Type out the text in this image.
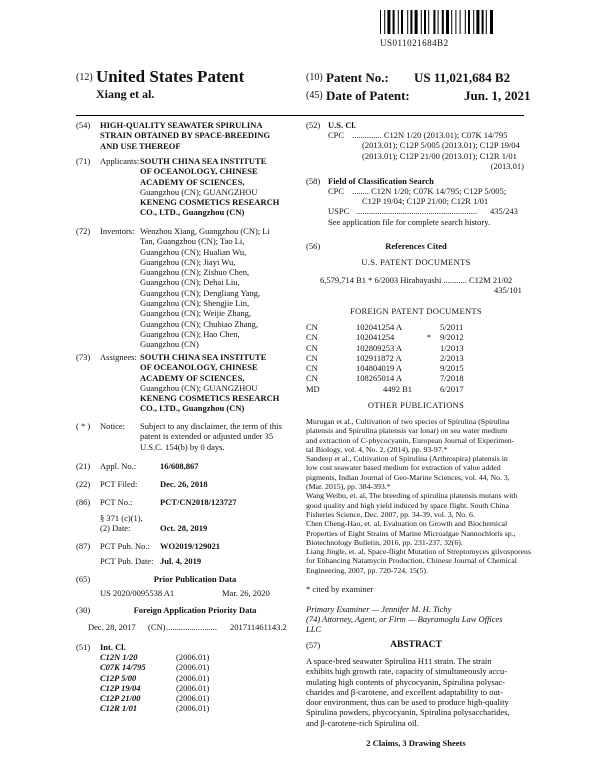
US011021684B2
(12) United States Patent
Xiang et al.
(10) Patent No.: US 11,021,684 B2
(45) Date of Patent:	Jun. 1, 2021
(54) HIGH-QUALITY SEAWATER SPIRULINA
STRAIN OBTAINED BY SPACE-BREEDING
AND USE THEREOF
(71) Applicants: SOUTH CHINA SEA INSTITUTE
OF OCEANOLOGY, CHINESE
ACADEMY OF SCIENCES,
Guangzhou (CN); GUANGZHOU
KENENG COSMETICS RESEARCH
CO., LTD., Guangzhou (CN)
(72) Inventors: Wenzhou Xiang, Guangzhou (CN); Li
Tan, Guangzhou (CN); Tao Li,
Guangzhou (CN); Hualian Wu,
Guangzhou (CN); Jiayi Wu,
Guangzhou (CN); Zishuo Chen,
Guangzhou (CN); Dehai Liu,
Guangzhou (CN); Dengliang Yang,
Guangzhou (CN); Shengjie Lin,
Guangzhou (CN); Weijie Zhang,
Guangzhou (CN); Chubiao Zhang,
Guangzhou (CN); Hao Chen,
Guangzhou (CN)
(73) Assignees: SOUTH CHINA SEA INSTITUTE
OF OCEANOLOGY, CHINESE
ACADEMY OF SCIENCES,
Guangzhou (CN); GUANGZHOU
KENENG COSMETICS RESEARCH
CO., LTD., Guangzhou (CN)
( * ) Notice: Subject to any disclaimer, the term of this
patent is extended or adjusted under 35
U.S.C. 154(b) by 0 days.
(21) Appl. No.:	16/608,867
(22) PCT Filed:	Dec. 26, 2018
(86) PCT No.:	PCT/CN2018/123727
§ 371 (c)(1),
(2) Date:	Oct. 28, 2019
(87) PCT Pub. No.: WO2019/129021
PCT Pub. Date: Jul. 4, 2019
(65)	Prior Publication Data
US 2020/0095538 A1	Mar. 26, 2020
(30)	Foreign Application Priority Data
Dec. 28, 2017 (CN) ........................ 201711461143.2
(51) Int. Cl.
C12N 1/20	(2006.01)
C07K 14/795	(2006.01)
C12P 5/00	(2006.01)
C12P 19/04	(2006.01)
C12P 21/00	(2006.01)
C12R 1/01	(2006.01)
(52) U.S. Cl.
CPC .............. C12N 1/20 (2013.01); C07K 14/795
(2013.01); C12P 5/005 (2013.01); C12P 19/04
(2013.01); C12P 21/00 (2013.01); C12R 1/01
(2013.01)
(58) Field of Classification Search
CPC ........ C12N 1/20; C07K 14/795; C12P 5/005;
C12P 19/04; C12P 21/00; C12R 1/01
USPC .........................................................	435/243
See application file for complete search history.
(56)	References Cited
U.S. PATENT DOCUMENTS
6,579,714 B1 * 6/2003 Hirabayashi ........... C12M 21/02
435/101
FOREIGN PATENT DOCUMENTS
CN	102041254 A		5/2011
CN	102041254	*	9/2012
CN	102809253 A		1/2013
CN	102911872 A		2/2013
CN	104804019 A		9/2015
CN	108265014 A		7/2018
MD	4492 B1		6/2017
OTHER PUBLICATIONS
Murugan et al., Cultivation of two species of Spirulina (Spirulina
platensis and Spirulina platensis var lonar) on sea water medium
and extraction of C-phycocyanin, European Journal of Experimen-
tal Biology, vol. 4, No. 2, (2014), pp. 93-97.*
Sandeep et al., Cultivation of Spirulina (Arthrospira) platensis in
low cost seawater based medium for extraction of value added
pigments, Indian Journal of Geo-Marine Sciences, vol. 44, No. 3,
(Mar. 2015), pp. 384-393.*
Wang Weibu, et. al, The breeding of spirulina platensis mutans with
good quality and high yield induced by space flight. South China
Fisheries Science, Dec. 2007, pp. 34-39, vol. 3, No. 6.
Chen Cheng-Hao, et. al, Evaluation on Growth and Biochemical
Properties of Eight Strains of Marine Microalgae Nannochloris sp.,
Biotechnology Bulletin, 2016, pp. 231-237, 32(6).
Liang Jingle, et. al, Space-flight Mutation of Streptomyces gilvosporeus
for Enhancing Natamycin Production, Chinese Journal of Chemical
Engineering, 2007, pp. 720-724, 15(5).
* cited by examiner
Primary Examiner — Jennifer M. H. Tichy
(74) Attorney, Agent, or Firm — Bayramoglu Law Offices
LLC
(57)	ABSTRACT
A space-bred seawater Spirulina H11 strain. The strain
exhibits high growth rate, capacity of simultaneously accu-
mulating high contents of phycocyanin, Spirulina polysac-
charides and β-carotene, and excellent adaptability to out-
door environment, thus can be used to produce high-quality
Spirulina powders, phycocyanin, Spirulina polysaccharides,
and β-carotene-rich Spirulina oil.
2 Claims, 3 Drawing Sheets
